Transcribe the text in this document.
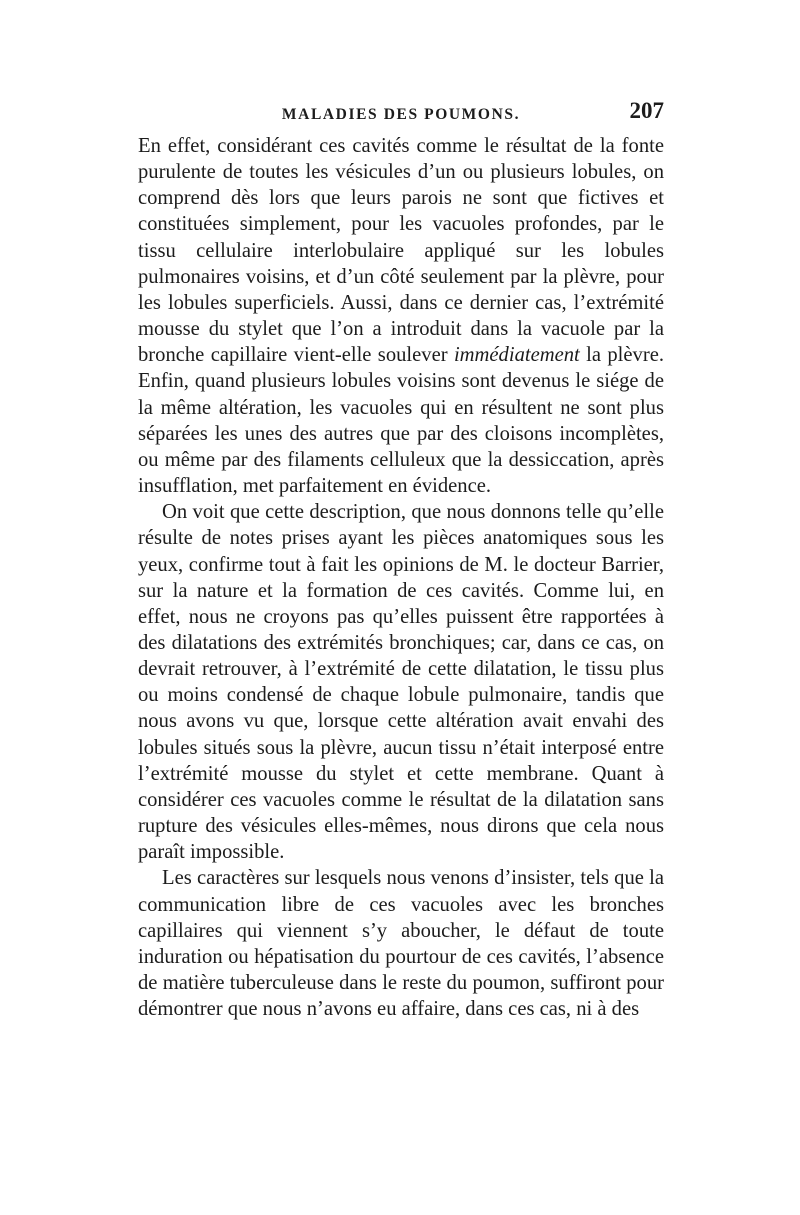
MALADIES DES POUMONS.	207

En effet, considérant ces cavités comme le résultat de la fonte purulente de toutes les vésicules d’un ou plusieurs lobules, on comprend dès lors que leurs parois ne sont que fictives et constituées simplement, pour les vacuoles profondes, par le tissu cellulaire interlobulaire appliqué sur les lobules pulmonaires voisins, et d’un côté seulement par la plèvre, pour les lobules superficiels. Aussi, dans ce dernier cas, l’extrémité mousse du stylet que l’on a introduit dans la vacuole par la bronche capillaire vient-elle soulever immédiatement la plèvre. Enfin, quand plusieurs lobules voisins sont devenus le siége de la même altération, les vacuoles qui en résultent ne sont plus séparées les unes des autres que par des cloisons incomplètes, ou même par des filaments celluleux que la dessiccation, après insufflation, met parfaitement en évidence.

On voit que cette description, que nous donnons telle qu’elle résulte de notes prises ayant les pièces anatomiques sous les yeux, confirme tout à fait les opinions de M. le docteur Barrier, sur la nature et la formation de ces cavités. Comme lui, en effet, nous ne croyons pas qu’elles puissent être rapportées à des dilatations des extrémités bronchiques; car, dans ce cas, on devrait retrouver, à l’extrémité de cette dilatation, le tissu plus ou moins condensé de chaque lobule pulmonaire, tandis que nous avons vu que, lorsque cette altération avait envahi des lobules situés sous la plèvre, aucun tissu n’était interposé entre l’extrémité mousse du stylet et cette membrane. Quant à considérer ces vacuoles comme le résultat de la dilatation sans rupture des vésicules elles-mêmes, nous dirons que cela nous paraît impossible.

Les caractères sur lesquels nous venons d’insister, tels que la communication libre de ces vacuoles avec les bronches capillaires qui viennent s’y aboucher, le défaut de toute induration ou hépatisation du pourtour de ces cavités, l’absence de matière tuberculeuse dans le reste du poumon, suffiront pour démontrer que nous n’avons eu affaire, dans ces cas, ni à des
